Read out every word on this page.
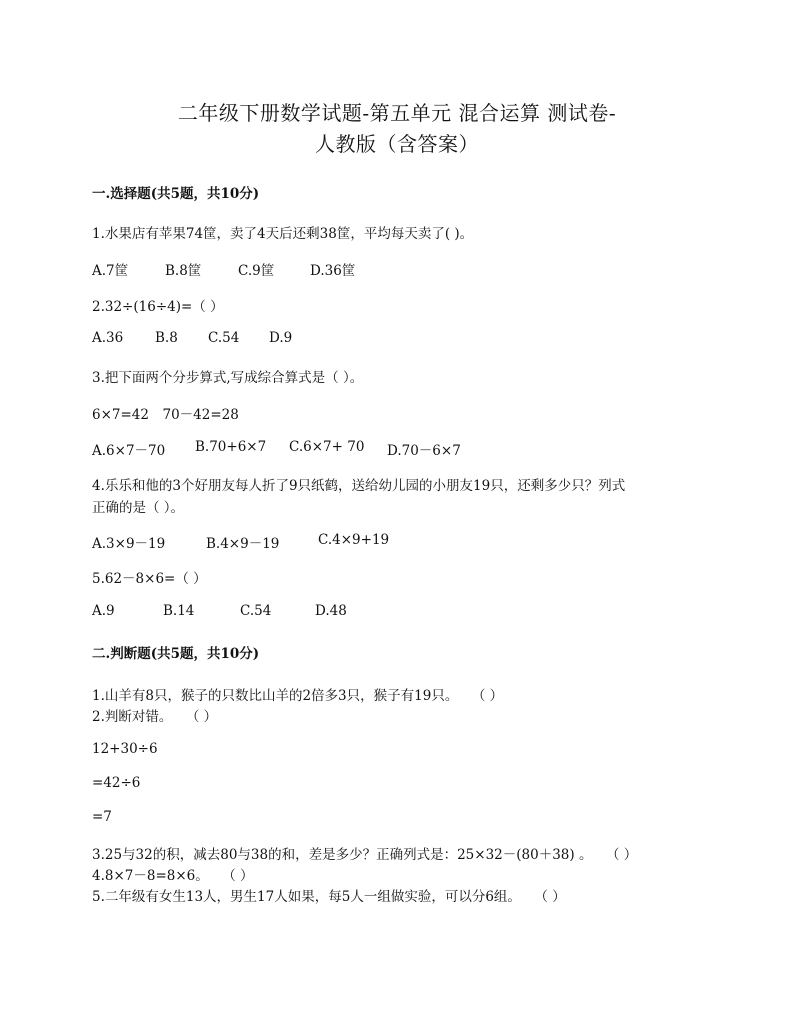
二年级下册数学试题-第五单元 混合运算 测试卷-
人教版（含答案）
一.选择题(共5题，共10分)
1.水果店有苹果74筐，卖了4天后还剩38筐，平均每天卖了( )。
A.7筐	B.8筐	C.9筐	D.36筐
2.32÷(16÷4)=（ ）
A.36	B.8	C.54	D.9
3.把下面两个分步算式,写成综合算式是（ ）。
6×7=42　70－42=28
A.6×7－70	B.70+6×7	C.6×7+ 70	D.70－6×7
4.乐乐和他的3个好朋友每人折了9只纸鹤，送给幼儿园的小朋友19只，还剩多少只？列式
正确的是（ ）。
A.3×9－19	B.4×9－19	C.4×9+19
5.62－8×6=（ ）
A.9	B.14	C.54	D.48
二.判断题(共5题，共10分)
1.山羊有8只，猴子的只数比山羊的2倍多3只，猴子有19只。　　（ ）
2.判断对错。　　（ ）
12+30÷6
=42÷6
=7
3.25与32的积，减去80与38的和，差是多少？正确列式是：25×32－(80＋38) 。　　（ ）
4.8×7－8=8×6。　　（ ）
5.二年级有女生13人，男生17人如果，每5人一组做实验，可以分6组。　　（ ）
